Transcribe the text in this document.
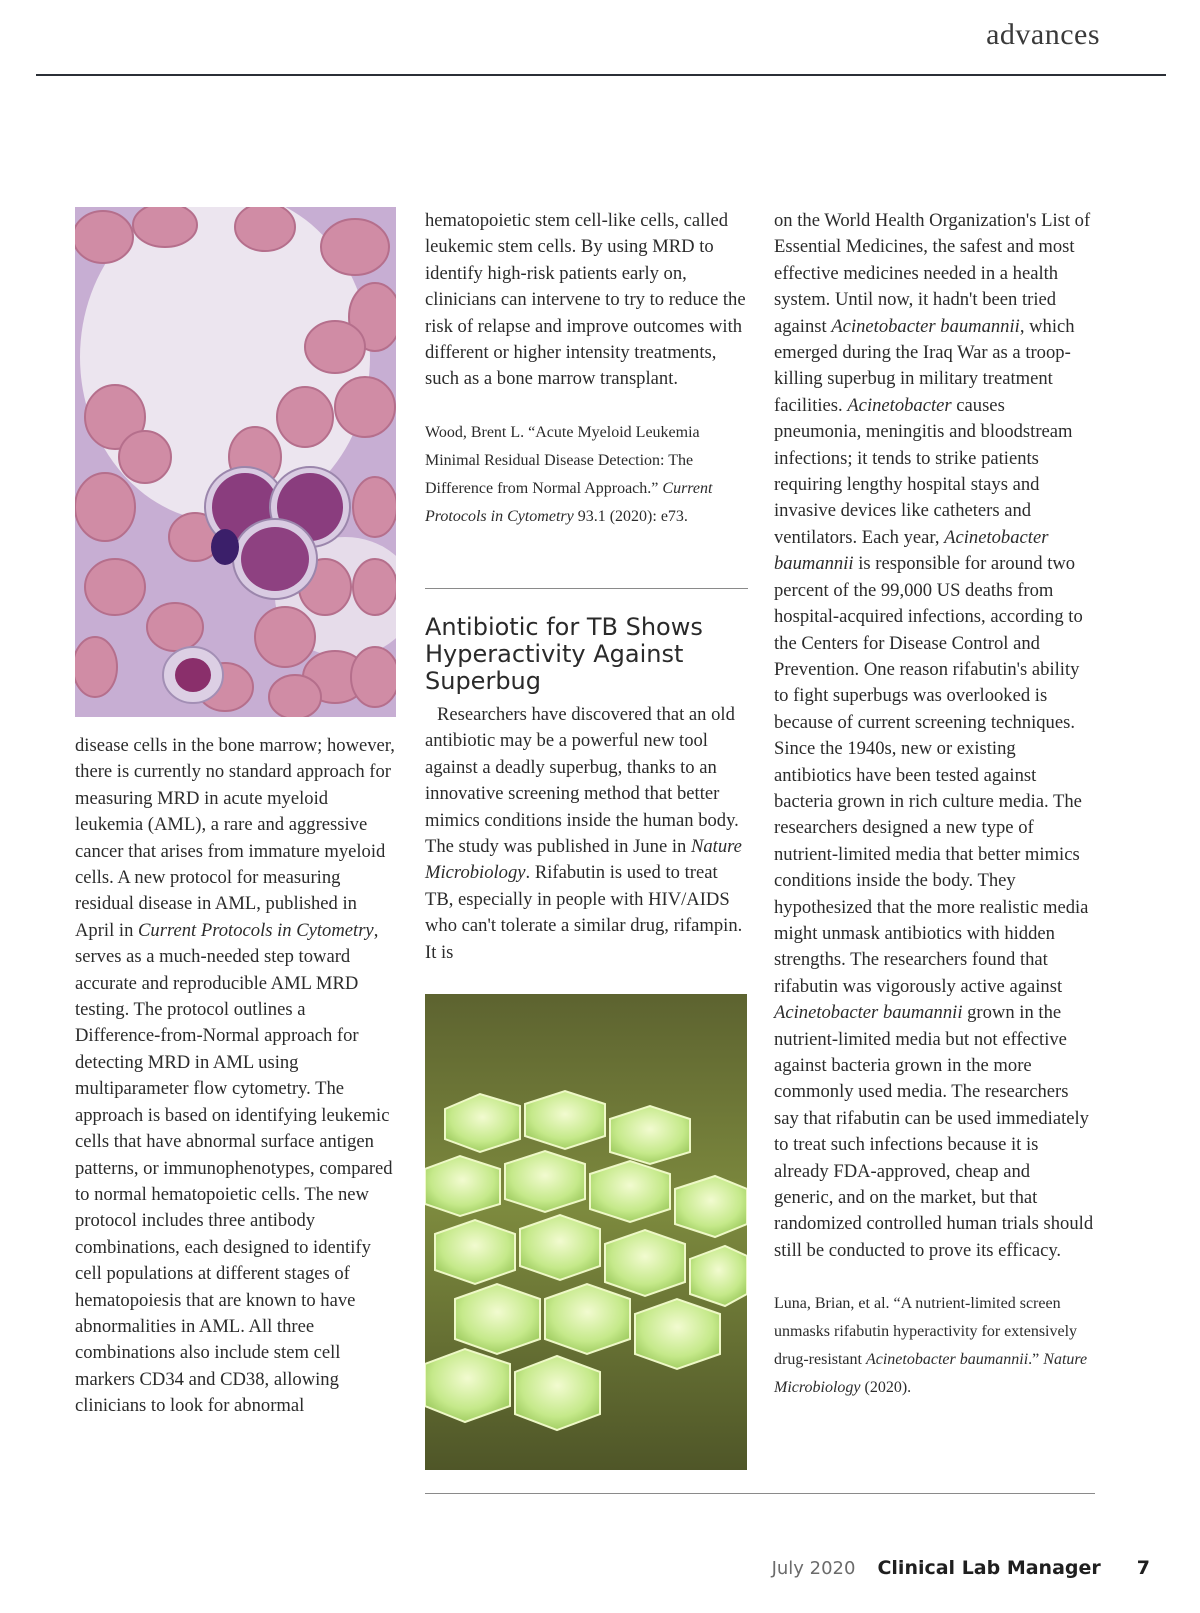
advances

disease cells in the bone marrow; however, there is currently no standard approach for measuring MRD in acute myeloid leukemia (AML), a rare and aggressive cancer that arises from immature myeloid cells. A new protocol for measuring residual disease in AML, published in April in Current Protocols in Cytometry, serves as a much-needed step toward accurate and reproducible AML MRD testing. The protocol outlines a Difference-from-Normal approach for detecting MRD in AML using multiparameter flow cytometry. The approach is based on identifying leukemic cells that have abnormal surface antigen patterns, or immunophenotypes, compared to normal hematopoietic cells. The new protocol includes three antibody combinations, each designed to identify cell populations at different stages of hematopoiesis that are known to have abnormalities in AML. All three combinations also include stem cell markers CD34 and CD38, allowing clinicians to look for abnormal

hematopoietic stem cell-like cells, called leukemic stem cells. By using MRD to identify high-risk patients early on, clinicians can intervene to try to reduce the risk of relapse and improve outcomes with different or higher intensity treatments, such as a bone marrow transplant.

Wood, Brent L. “Acute Myeloid Leukemia Minimal Residual Disease Detection: The Difference from Normal Approach.” Current Protocols in Cytometry 93.1 (2020): e73.

Antibiotic for TB Shows Hyperactivity Against Superbug

Researchers have discovered that an old antibiotic may be a powerful new tool against a deadly superbug, thanks to an innovative screening method that better mimics conditions inside the human body. The study was published in June in Nature Microbiology. Rifabutin is used to treat TB, especially in people with HIV/AIDS who can't tolerate a similar drug, rifampin. It is

on the World Health Organization's List of Essential Medicines, the safest and most effective medicines needed in a health system. Until now, it hadn't been tried against Acinetobacter baumannii, which emerged during the Iraq War as a troop-killing superbug in military treatment facilities. Acinetobacter causes pneumonia, meningitis and bloodstream infections; it tends to strike patients requiring lengthy hospital stays and invasive devices like catheters and ventilators. Each year, Acinetobacter baumannii is responsible for around two percent of the 99,000 US deaths from hospital-acquired infections, according to the Centers for Disease Control and Prevention. One reason rifabutin's ability to fight superbugs was overlooked is because of current screening techniques. Since the 1940s, new or existing antibiotics have been tested against bacteria grown in rich culture media. The researchers designed a new type of nutrient-limited media that better mimics conditions inside the body. They hypothesized that the more realistic media might unmask antibiotics with hidden strengths. The researchers found that rifabutin was vigorously active against Acinetobacter baumannii grown in the nutrient-limited media but not effective against bacteria grown in the more commonly used media. The researchers say that rifabutin can be used immediately to treat such infections because it is already FDA-approved, cheap and generic, and on the market, but that randomized controlled human trials should still be conducted to prove its efficacy.

Luna, Brian, et al. “A nutrient-limited screen unmasks rifabutin hyperactivity for extensively drug-resistant Acinetobacter baumannii.” Nature Microbiology (2020).

July 2020 Clinical Lab Manager 7
